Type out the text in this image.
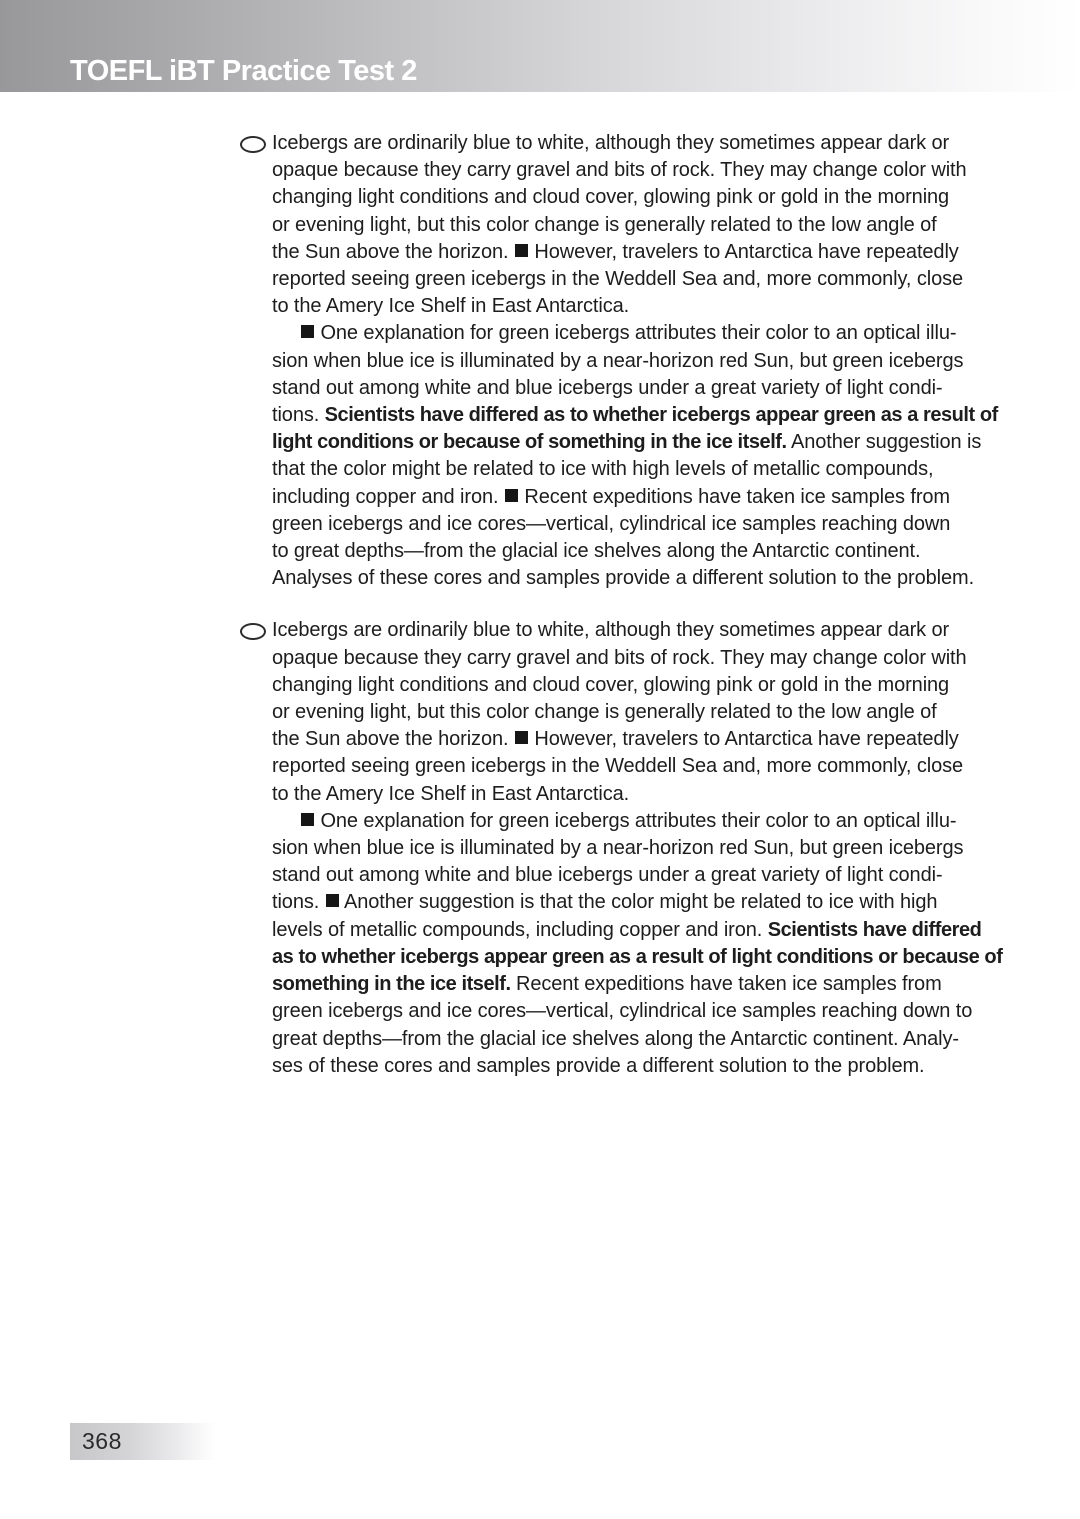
TOEFL iBT Practice Test 2
Icebergs are ordinarily blue to white, although they sometimes appear dark or
opaque because they carry gravel and bits of rock. They may change color with
changing light conditions and cloud cover, glowing pink or gold in the morning
or evening light, but this color change is generally related to the low angle of
the Sun above the horizon.  However, travelers to Antarctica have repeatedly
reported seeing green icebergs in the Weddell Sea and, more commonly, close
to the Amery Ice Shelf in East Antarctica.
One explanation for green icebergs attributes their color to an optical illu-
sion when blue ice is illuminated by a near-horizon red Sun, but green icebergs
stand out among white and blue icebergs under a great variety of light condi-
tions. Scientists have differed as to whether icebergs appear green as a result of
light conditions or because of something in the ice itself. Another suggestion is
that the color might be related to ice with high levels of metallic compounds,
including copper and iron.  Recent expeditions have taken ice samples from
green icebergs and ice cores—vertical, cylindrical ice samples reaching down
to great depths—from the glacial ice shelves along the Antarctic continent.
Analyses of these cores and samples provide a different solution to the problem.
Icebergs are ordinarily blue to white, although they sometimes appear dark or
opaque because they carry gravel and bits of rock. They may change color with
changing light conditions and cloud cover, glowing pink or gold in the morning
or evening light, but this color change is generally related to the low angle of
the Sun above the horizon.  However, travelers to Antarctica have repeatedly
reported seeing green icebergs in the Weddell Sea and, more commonly, close
to the Amery Ice Shelf in East Antarctica.
One explanation for green icebergs attributes their color to an optical illu-
sion when blue ice is illuminated by a near-horizon red Sun, but green icebergs
stand out among white and blue icebergs under a great variety of light condi-
tions.  Another suggestion is that the color might be related to ice with high
levels of metallic compounds, including copper and iron. Scientists have differed
as to whether icebergs appear green as a result of light conditions or because of
something in the ice itself. Recent expeditions have taken ice samples from
green icebergs and ice cores—vertical, cylindrical ice samples reaching down to
great depths—from the glacial ice shelves along the Antarctic continent. Analy-
ses of these cores and samples provide a different solution to the problem.
368
